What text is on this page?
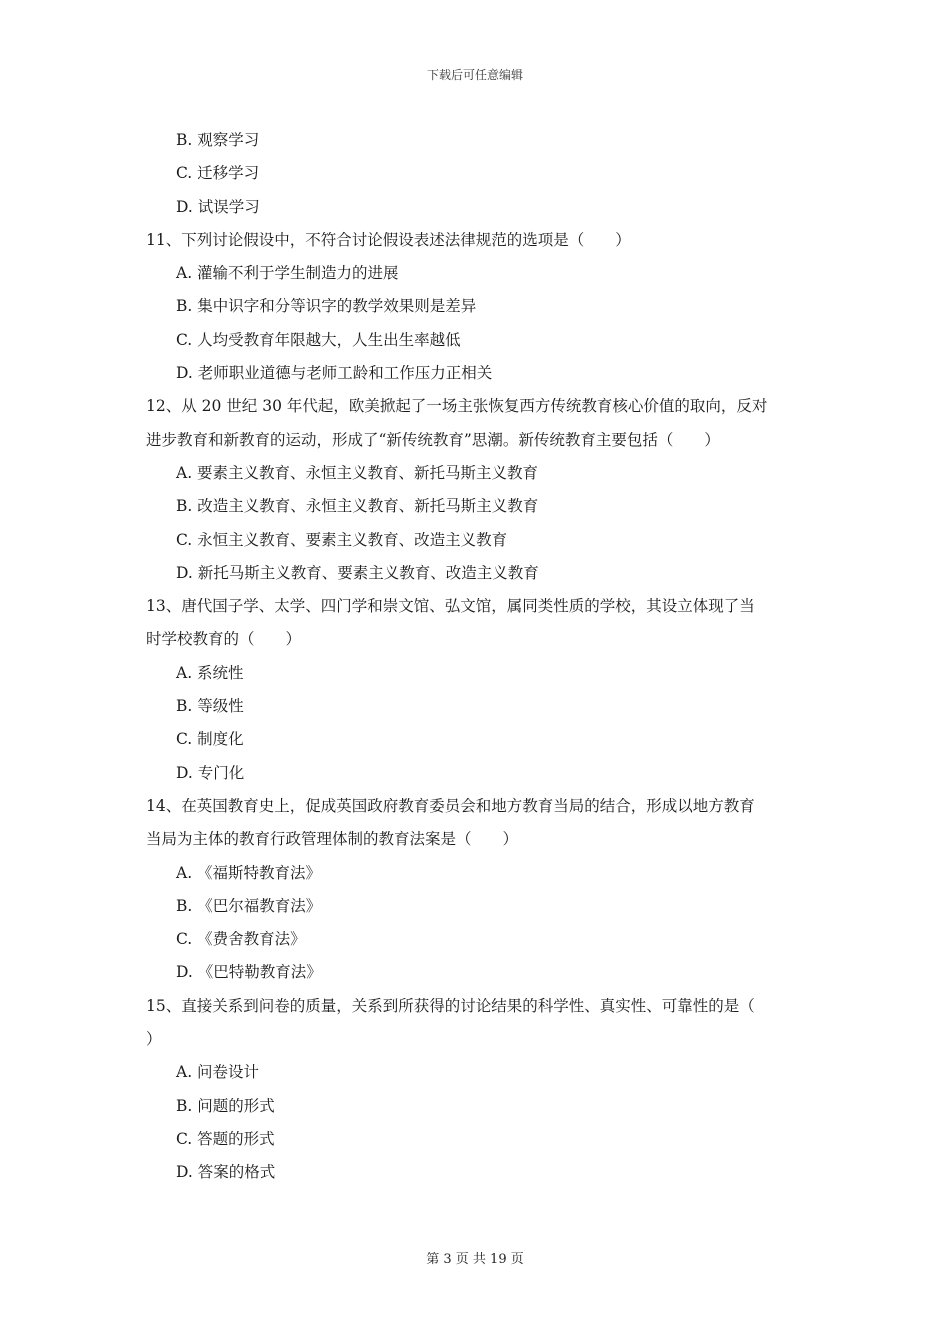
下载后可任意编辑
B. 观察学习
C. 迁移学习
D. 试误学习
11、下列讨论假设中，不符合讨论假设表述法律规范的选项是（　　）
A. 灌输不利于学生制造力的进展
B. 集中识字和分等识字的教学效果则是差异
C. 人均受教育年限越大，人生出生率越低
D. 老师职业道德与老师工龄和工作压力正相关
12、从 20 世纪 30 年代起，欧美掀起了一场主张恢复西方传统教育核心价值的取向，反对
进步教育和新教育的运动，形成了“新传统教育”思潮。新传统教育主要包括（　　）
A. 要素主义教育、永恒主义教育、新托马斯主义教育
B. 改造主义教育、永恒主义教育、新托马斯主义教育
C. 永恒主义教育、要素主义教育、改造主义教育
D. 新托马斯主义教育、要素主义教育、改造主义教育
13、唐代国子学、太学、四门学和崇文馆、弘文馆，属同类性质的学校，其设立体现了当
时学校教育的（　　）
A. 系统性
B. 等级性
C. 制度化
D. 专门化
14、在英国教育史上，促成英国政府教育委员会和地方教育当局的结合，形成以地方教育
当局为主体的教育行政管理体制的教育法案是（　　）
A. 《福斯特教育法》
B. 《巴尔福教育法》
C. 《费舍教育法》
D. 《巴特勒教育法》
15、直接关系到问卷的质量，关系到所获得的讨论结果的科学性、真实性、可靠性的是（
）
A. 问卷设计
B. 问题的形式
C. 答题的形式
D. 答案的格式
第 3 页 共 19 页
